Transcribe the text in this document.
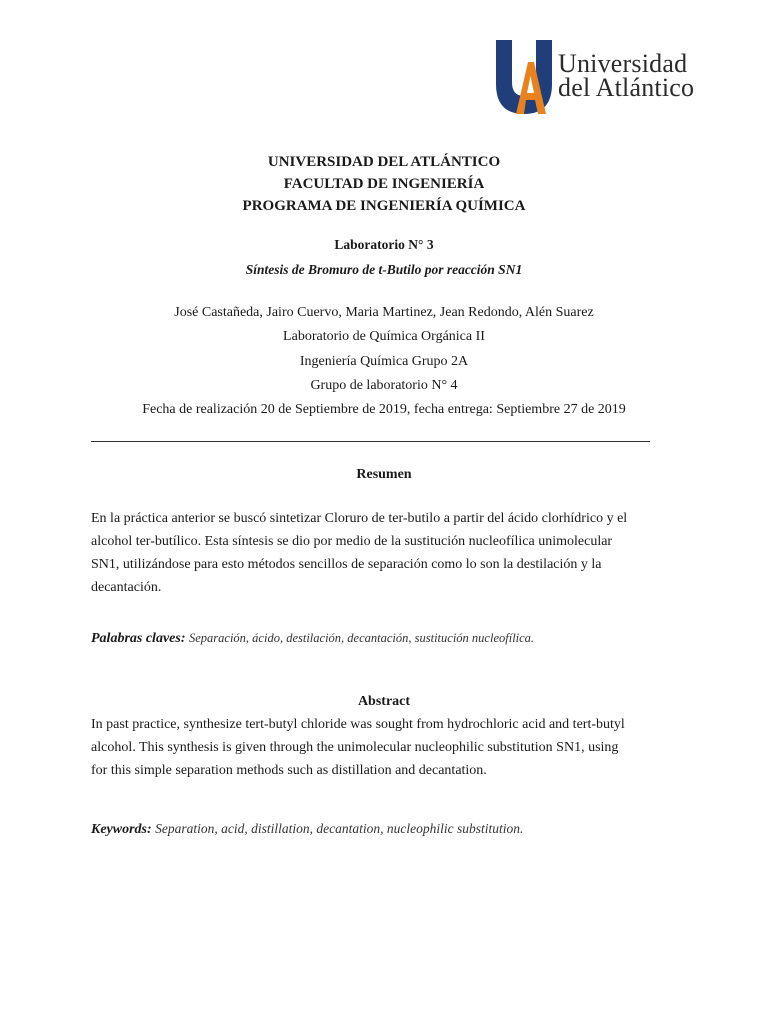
Universidad
del Atlántico
UNIVERSIDAD DEL ATLÁNTICO
FACULTAD DE INGENIERÍA
PROGRAMA DE INGENIERÍA QUÍMICA
Laboratorio N° 3
Síntesis de Bromuro de t-Butilo por reacción SN1
José Castañeda, Jairo Cuervo, Maria Martinez, Jean Redondo, Alén Suarez
Laboratorio de Química Orgánica II
Ingeniería Química Grupo 2A
Grupo de laboratorio N° 4
Fecha de realización 20 de Septiembre de 2019, fecha entrega: Septiembre 27 de 2019
Resumen
En la práctica anterior se buscó sintetizar Cloruro de ter-butilo a partir del ácido clorhídrico y el
alcohol ter-butílico. Esta síntesis se dio por medio de la sustitución nucleofílica unimolecular
SN1, utilizándose para esto métodos sencillos de separación como lo son la destilación y la
decantación.
Palabras claves: Separación, ácido, destilación, decantación, sustitución nucleofílica.
Abstract
In past practice, synthesize tert-butyl chloride was sought from hydrochloric acid and tert-butyl
alcohol. This synthesis is given through the unimolecular nucleophilic substitution SN1, using
for this simple separation methods such as distillation and decantation.
Keywords: Separation, acid, distillation, decantation, nucleophilic substitution.
